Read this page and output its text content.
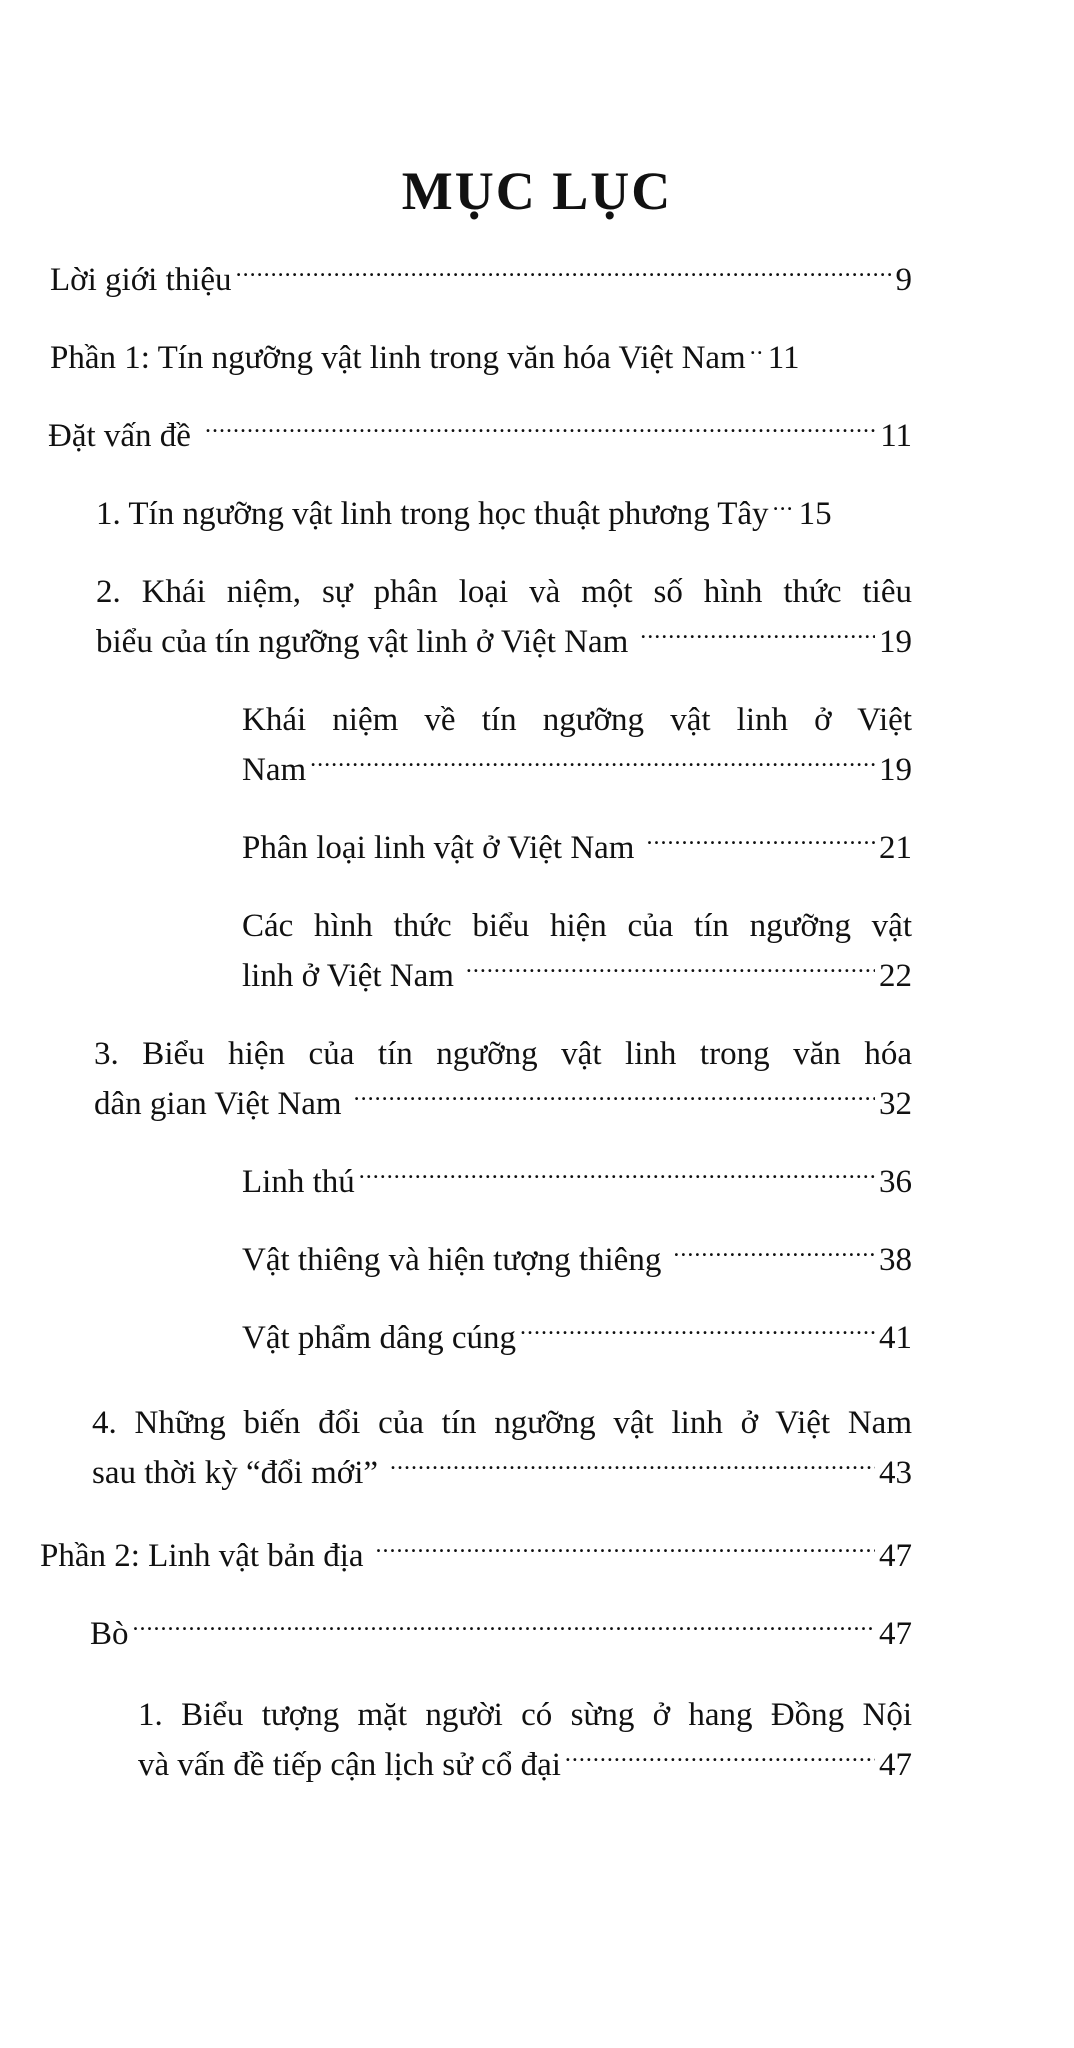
MỤC LỤC
Lời giới thiệu .....	9
Phần 1: Tín ngưỡng vật linh trong văn hóa Việt Nam ..... 11
Đặt vấn đề .....	11
1. Tín ngưỡng vật linh trong học thuật phương Tây ..... 15
2. Khái niệm, sự phân loại và một số hình thức tiêu
biểu của tín ngưỡng vật linh ở Việt Nam .....	19
Khái niệm về tín ngưỡng vật linh ở Việt
Nam .....	19
Phân loại linh vật ở Việt Nam .....	21
Các hình thức biểu hiện của tín ngưỡng vật
linh ở Việt Nam .....	22
3. Biểu hiện của tín ngưỡng vật linh trong văn hóa
dân gian Việt Nam .....	32
Linh thú .....	36
Vật thiêng và hiện tượng thiêng .....	38
Vật phẩm dâng cúng .....	41
4. Những biến đổi của tín ngưỡng vật linh ở Việt Nam
sau thời kỳ “đổi mới” .....	43
Phần 2: Linh vật bản địa .....	47
Bò .....	47
1. Biểu tượng mặt người có sừng ở hang Đồng Nội
và vấn đề tiếp cận lịch sử cổ đại .....	47
